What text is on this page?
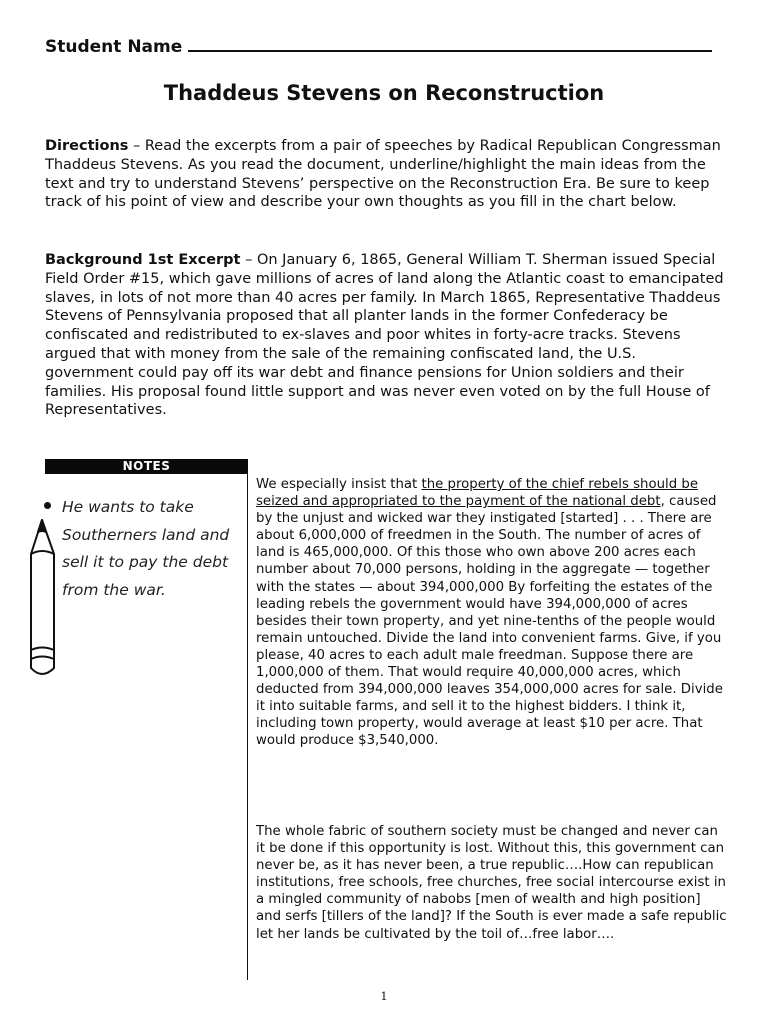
Student Name
Thaddeus Stevens on Reconstruction

Directions – Read the excerpts from a pair of speeches by Radical Republican Congressman Thaddeus Stevens. As you read the document, underline/highlight the main ideas from the text and try to understand Stevens’ perspective on the Reconstruction Era. Be sure to keep track of his point of view and describe your own thoughts as you fill in the chart below.

Background 1st Excerpt – On January 6, 1865, General William T. Sherman issued Special Field Order #15, which gave millions of acres of land along the Atlantic coast to emancipated slaves, in lots of not more than 40 acres per family. In March 1865, Representative Thaddeus Stevens of Pennsylvania proposed that all planter lands in the former Confederacy be confiscated and redistributed to ex-slaves and poor whites in forty-acre tracks. Stevens argued that with money from the sale of the remaining confiscated land, the U.S. government could pay off its war debt and finance pensions for Union soldiers and their families. His proposal found little support and was never even voted on by the full House of Representatives.

NOTES
He wants to take Southerners land and sell it to pay the debt from the war.

We especially insist that the property of the chief rebels should be seized and appropriated to the payment of the national debt, caused by the unjust and wicked war they instigated [started] . . . There are about 6,000,000 of freedmen in the South. The number of acres of land is 465,000,000. Of this those who own above 200 acres each number about 70,000 persons, holding in the aggregate — together with the states — about 394,000,000 By forfeiting the estates of the leading rebels the government would have 394,000,000 of acres besides their town property, and yet nine-tenths of the people would remain untouched. Divide the land into convenient farms. Give, if you please, 40 acres to each adult male freedman. Suppose there are 1,000,000 of them. That would require 40,000,000 acres, which deducted from 394,000,000 leaves 354,000,000 acres for sale. Divide it into suitable farms, and sell it to the highest bidders. I think it, including town property, would average at least $10 per acre. That would produce $3,540,000.

The whole fabric of southern society must be changed and never can it be done if this opportunity is lost. Without this, this government can never be, as it has never been, a true republic….How can republican institutions, free schools, free churches, free social intercourse exist in a mingled community of nabobs [men of wealth and high position] and serfs [tillers of the land]? If the South is ever made a safe republic let her lands be cultivated by the toil of…free labor….

1
